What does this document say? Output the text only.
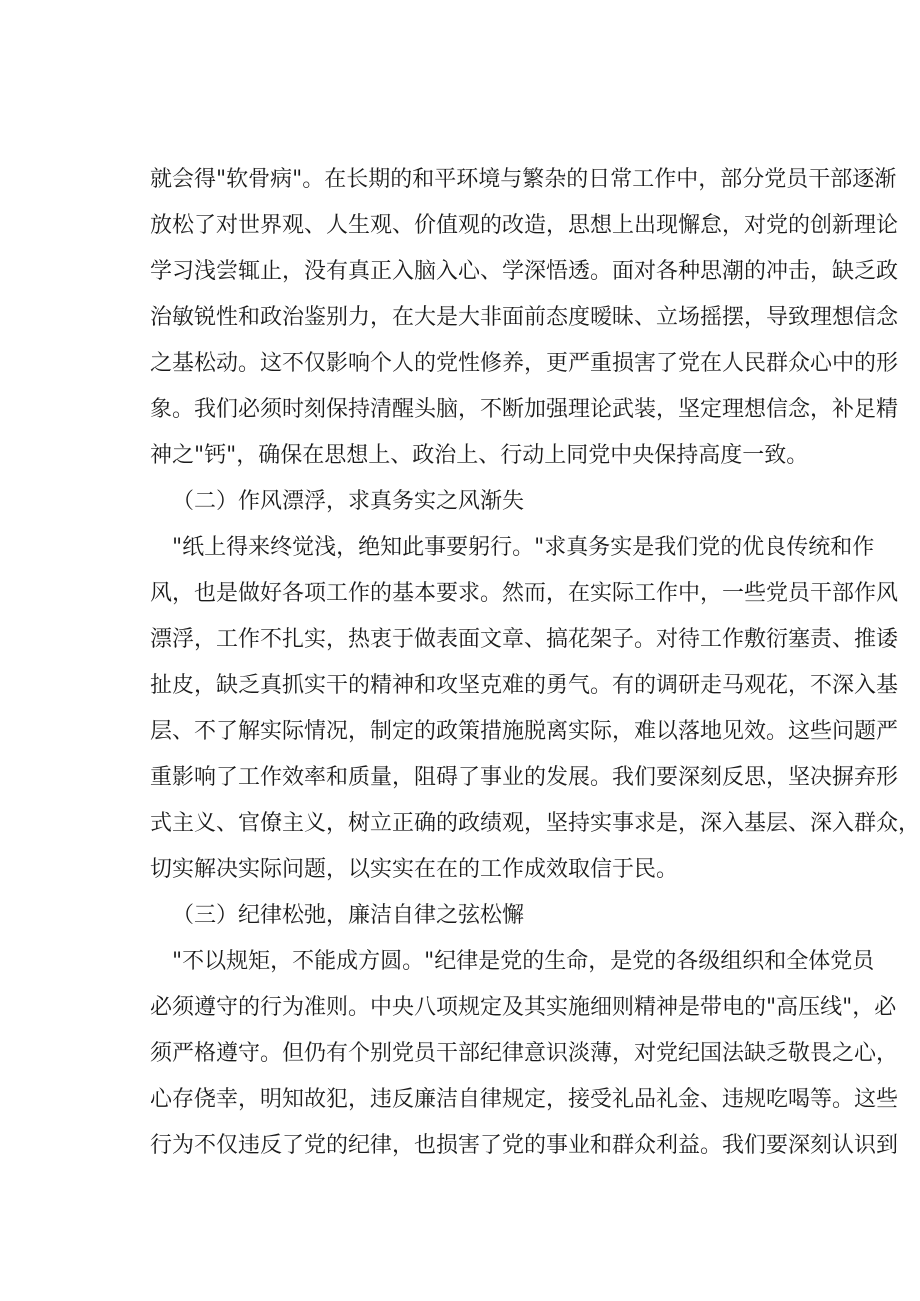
就会得"软骨病"。在长期的和平环境与繁杂的日常工作中，部分党员干部逐渐
放松了对世界观、人生观、价值观的改造，思想上出现懈怠，对党的创新理论
学习浅尝辄止，没有真正入脑入心、学深悟透。面对各种思潮的冲击，缺乏政
治敏锐性和政治鉴别力，在大是大非面前态度暧昧、立场摇摆，导致理想信念
之基松动。这不仅影响个人的党性修养，更严重损害了党在人民群众心中的形
象。我们必须时刻保持清醒头脑，不断加强理论武装，坚定理想信念，补足精
神之"钙"，确保在思想上、政治上、行动上同党中央保持高度一致。
（二）作风漂浮，求真务实之风渐失
"纸上得来终觉浅，绝知此事要躬行。"求真务实是我们党的优良传统和作
风，也是做好各项工作的基本要求。然而，在实际工作中，一些党员干部作风
漂浮，工作不扎实，热衷于做表面文章、搞花架子。对待工作敷衍塞责、推诿
扯皮，缺乏真抓实干的精神和攻坚克难的勇气。有的调研走马观花，不深入基
层、不了解实际情况，制定的政策措施脱离实际，难以落地见效。这些问题严
重影响了工作效率和质量，阻碍了事业的发展。我们要深刻反思，坚决摒弃形
式主义、官僚主义，树立正确的政绩观，坚持实事求是，深入基层、深入群众，
切实解决实际问题，以实实在在的工作成效取信于民。
（三）纪律松弛，廉洁自律之弦松懈
"不以规矩，不能成方圆。"纪律是党的生命，是党的各级组织和全体党员
必须遵守的行为准则。中央八项规定及其实施细则精神是带电的"高压线"，必
须严格遵守。但仍有个别党员干部纪律意识淡薄，对党纪国法缺乏敬畏之心，
心存侥幸，明知故犯，违反廉洁自律规定，接受礼品礼金、违规吃喝等。这些
行为不仅违反了党的纪律，也损害了党的事业和群众利益。我们要深刻认识到
